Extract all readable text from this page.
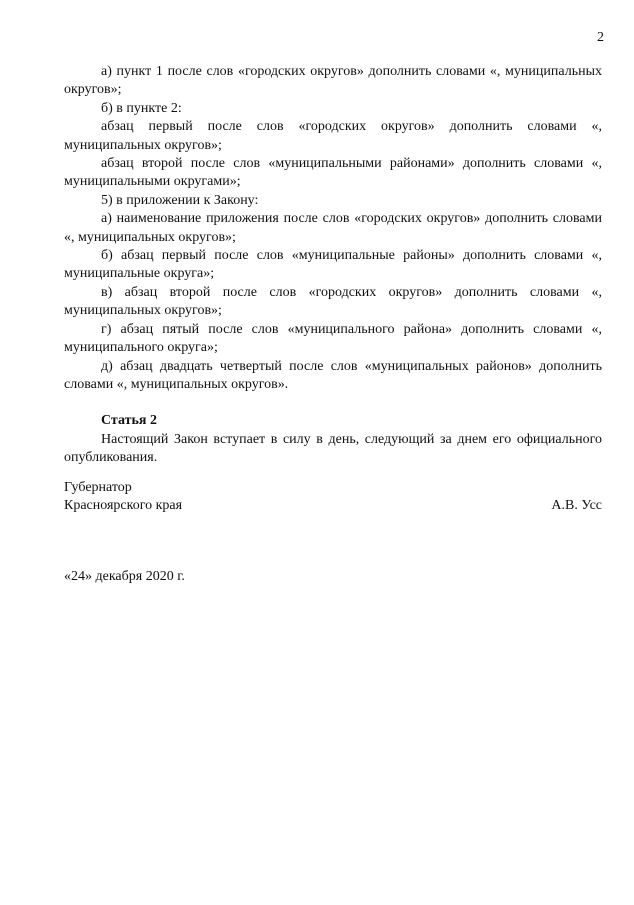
2

а) пункт 1 после слов «городских округов» дополнить словами «, муниципальных округов»;

б) в пункте 2:

абзац первый после слов «городских округов» дополнить словами «, муниципальных округов»;

абзац второй после слов «муниципальными районами» дополнить словами «, муниципальными округами»;

5) в приложении к Закону:

а) наименование приложения после слов «городских округов» дополнить словами «, муниципальных округов»;

б) абзац первый после слов «муниципальные районы» дополнить словами «, муниципальные округа»;

в) абзац второй после слов «городских округов» дополнить словами «, муниципальных округов»;

г) абзац пятый после слов «муниципального района» дополнить словами «, муниципального округа»;

д) абзац двадцать четвертый после слов «муниципальных районов» дополнить словами «, муниципальных округов».

Статья 2

Настоящий Закон вступает в силу в день, следующий за днем его официального опубликования.

Губернатор
Красноярского края	А.В. Усс
«24» декабря 2020 г.
